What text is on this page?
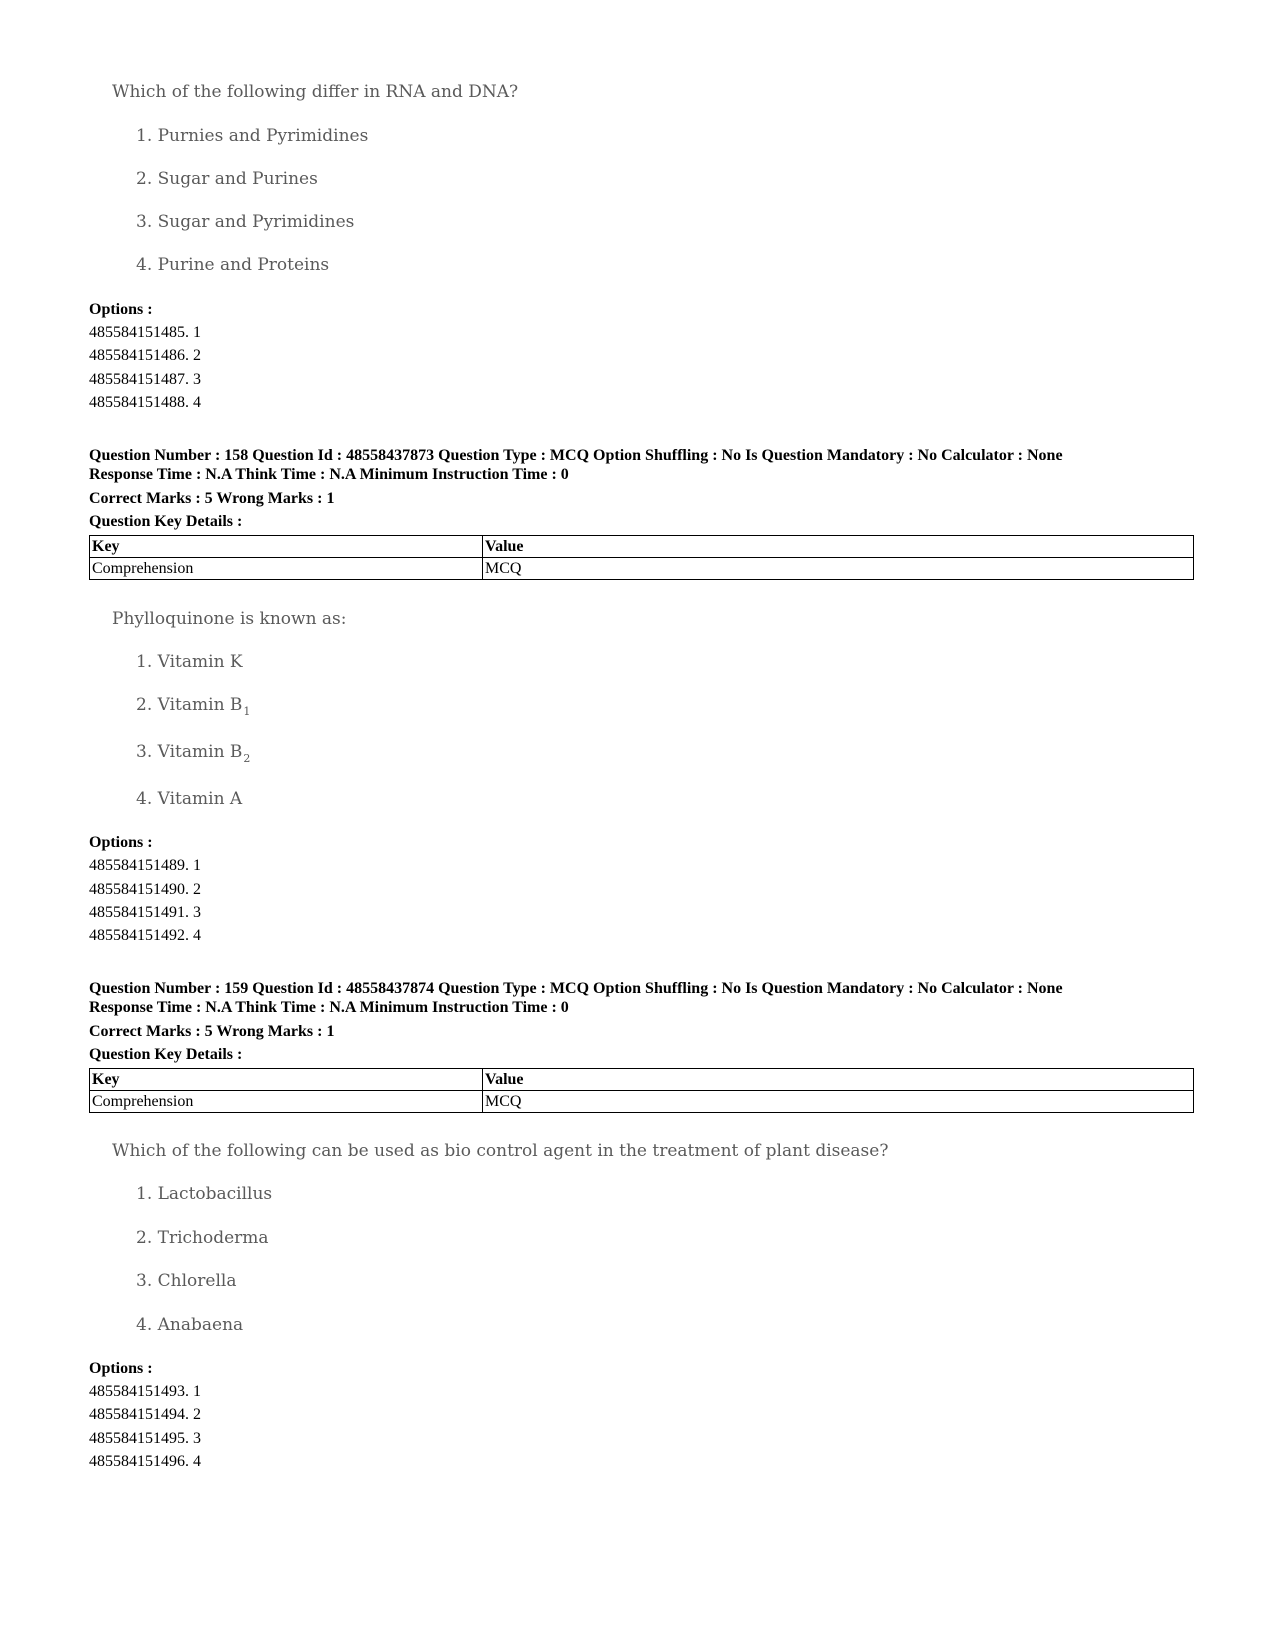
Which of the following differ in RNA and DNA?
1. Purnies and Pyrimidines
2. Sugar and Purines
3. Sugar and Pyrimidines
4. Purine and Proteins
Options :
485584151485. 1
485584151486. 2
485584151487. 3
485584151488. 4
Question Number : 158 Question Id : 48558437873 Question Type : MCQ Option Shuffling : No Is Question Mandatory : No Calculator : None
Response Time : N.A Think Time : N.A Minimum Instruction Time : 0
Correct Marks : 5 Wrong Marks : 1
Question Key Details :
Key	Value
Comprehension	MCQ
Phylloquinone is known as:
1. Vitamin K
2. Vitamin $B_1$
3. Vitamin $B_2$
4. Vitamin A
Options :
485584151489. 1
485584151490. 2
485584151491. 3
485584151492. 4
Question Number : 159 Question Id : 48558437874 Question Type : MCQ Option Shuffling : No Is Question Mandatory : No Calculator : None
Response Time : N.A Think Time : N.A Minimum Instruction Time : 0
Correct Marks : 5 Wrong Marks : 1
Question Key Details :
Key	Value
Comprehension	MCQ
Which of the following can be used as bio control agent in the treatment of plant disease?
1. Lactobacillus
2. Trichoderma
3. Chlorella
4. Anabaena
Options :
485584151493. 1
485584151494. 2
485584151495. 3
485584151496. 4
